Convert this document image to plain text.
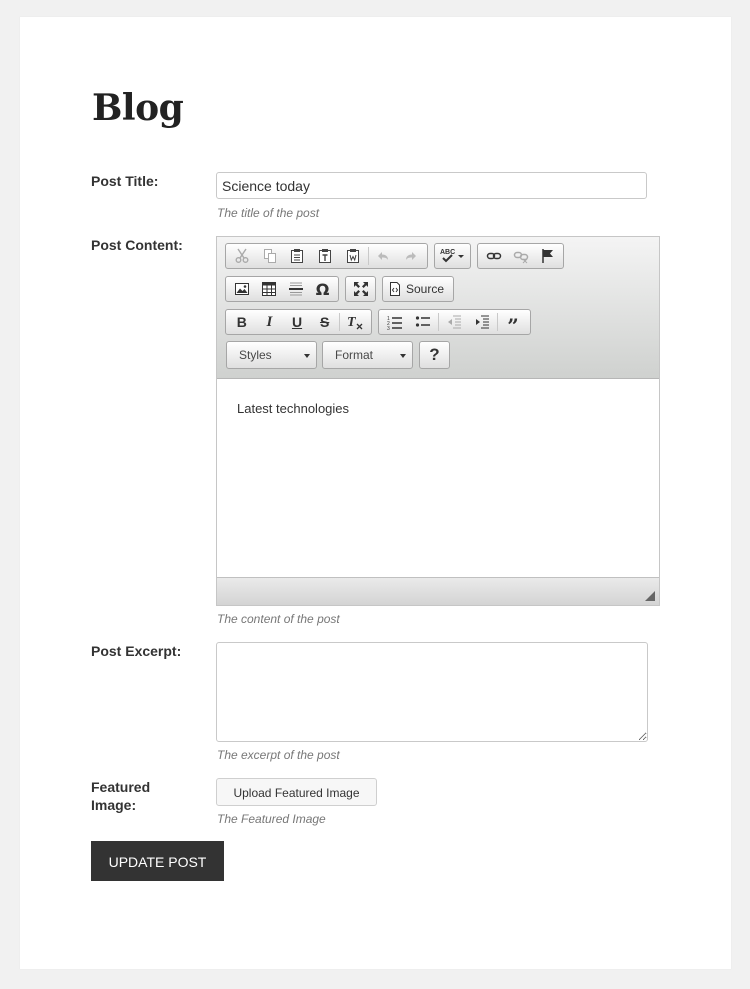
Blog
Post Title:
Science today
The title of the post
Post Content:	ABC
Ω	Source
B I U S T	1
2
3	”
Styles	Format	?

Latest technologies

The content of the post
Post Excerpt:
The excerpt of the post
Featured
Image:
Upload Featured Image
The Featured Image
UPDATE POST
